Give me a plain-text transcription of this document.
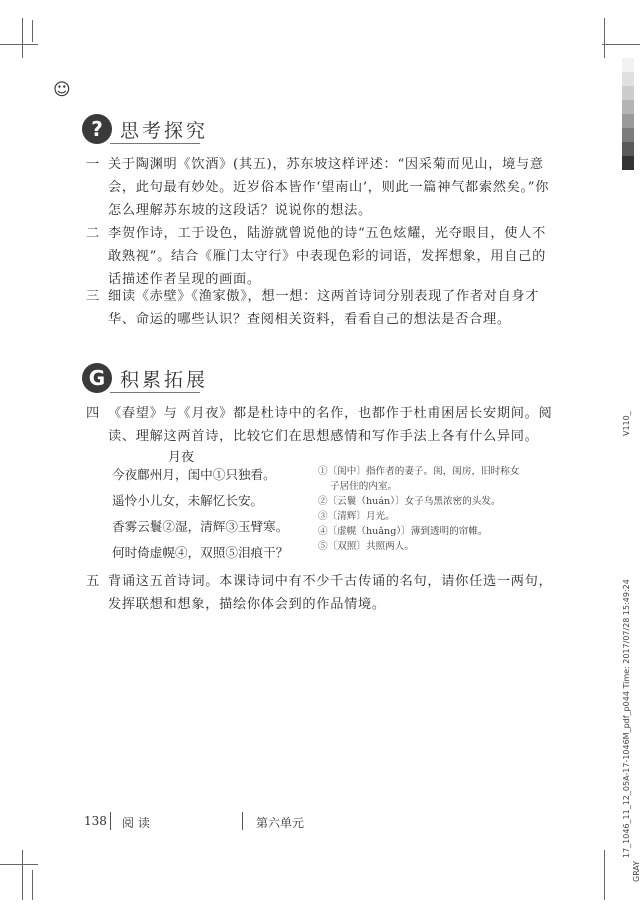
17_1046_11_12_05A-17-1046M_pdf_p044 Time: 2017/07/28 15:49:24
GRAY
V110_
☺
? 思考探究
一 关于陶渊明《饮酒》(其五)，苏东坡这样评述：“因采菊而见山，境与意会，此句最有妙处。近岁俗本皆作‘望南山’，则此一篇神气都索然矣。”你怎么理解苏东坡的这段话？说说你的想法。
二 李贺作诗，工于设色，陆游就曾说他的诗“五色炫耀，光夺眼目，使人不敢熟视”。结合《雁门太守行》中表现色彩的词语，发挥想象，用自己的话描述作者呈现的画面。
三 细读《赤壁》《渔家傲》，想一想：这两首诗词分别表现了作者对自身才华、命运的哪些认识？查阅相关资料，看看自己的想法是否合理。
G 积累拓展
四 《春望》与《月夜》都是杜诗中的名作，也都作于杜甫困居长安期间。阅读、理解这两首诗，比较它们在思想感情和写作手法上各有什么异同。
月夜
今夜鄜州月，闺中①只独看。
遥怜小儿女，未解忆长安。
香雾云鬟②湿，清辉③玉臂寒。
何时倚虚幌④，双照⑤泪痕干？
①〔闺中〕指作者的妻子。闺，闺房，旧时称女
子居住的内室。
②〔云鬟（huán）〕女子乌黑浓密的头发。
③〔清辉〕月光。
④〔虚幌（huǎng）〕薄到透明的帘帷。
⑤〔双照〕共照两人。
五 背诵这五首诗词。本课诗词中有不少千古传诵的名句，请你任选一两句，发挥联想和想象，描绘你体会到的作品情境。
138 阅 读	第六单元
